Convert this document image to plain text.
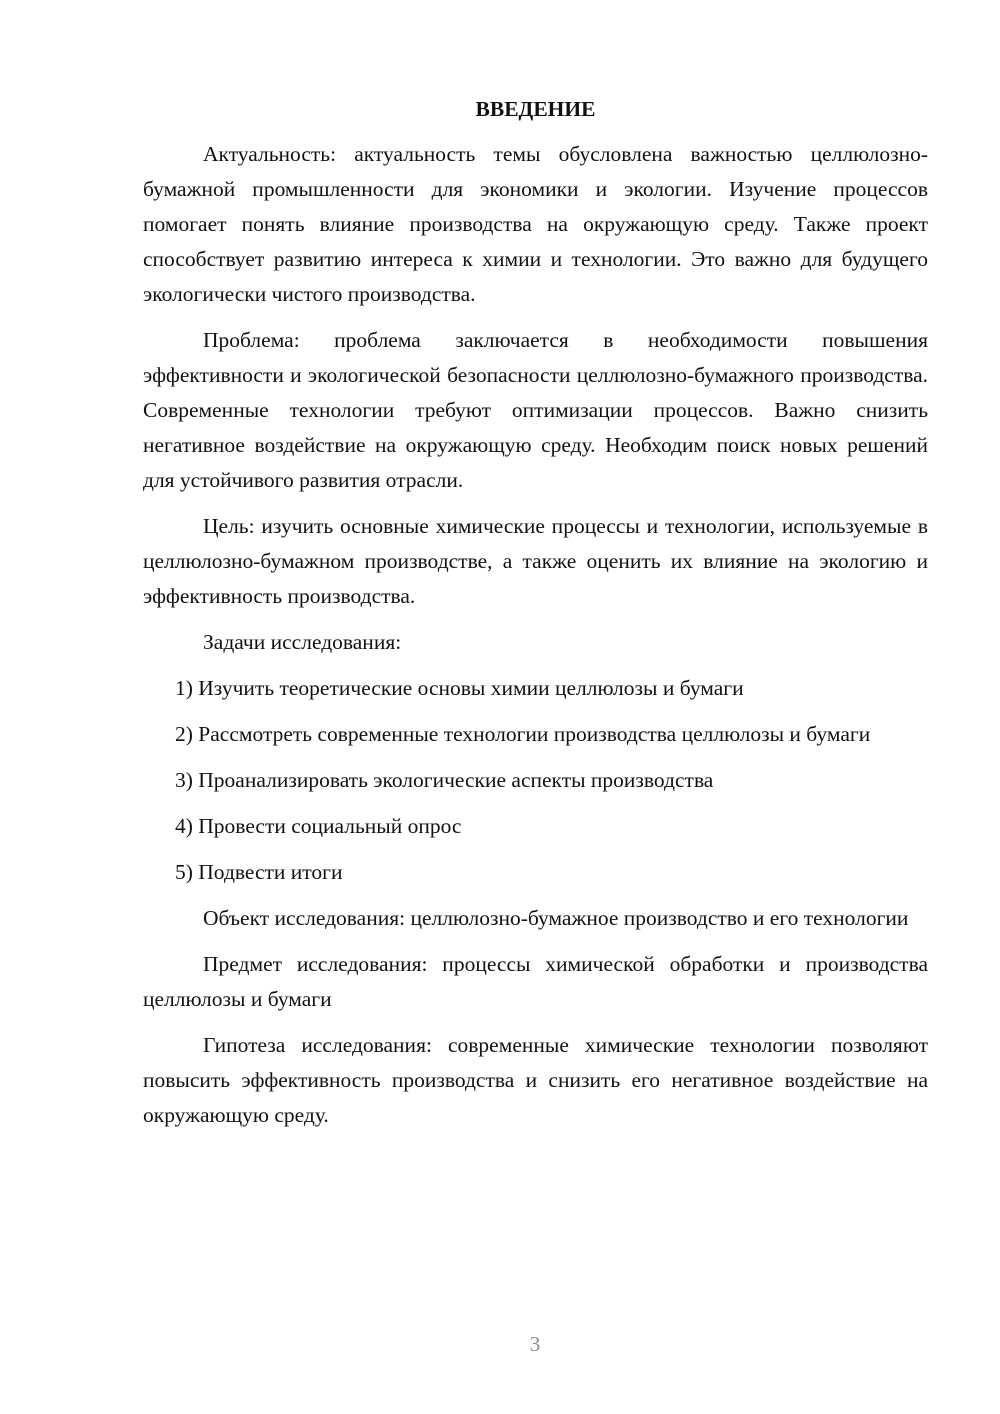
ВВЕДЕНИЕ

Актуальность: актуальность темы обусловлена важностью целлюлозно-бумажной промышленности для экономики и экологии. Изучение процессов помогает понять влияние производства на окружающую среду. Также проект способствует развитию интереса к химии и технологии. Это важно для будущего экологически чистого производства.

Проблема: проблема заключается в необходимости повышения эффективности и экологической безопасности целлюлозно-бумажного производства. Современные технологии требуют оптимизации процессов. Важно снизить негативное воздействие на окружающую среду. Необходим поиск новых решений для устойчивого развития отрасли.

Цель: изучить основные химические процессы и технологии, используемые в целлюлозно-бумажном производстве, а также оценить их влияние на экологию и эффективность производства.

Задачи исследования:

1) Изучить теоретические основы химии целлюлозы и бумаги

2) Рассмотреть современные технологии производства целлюлозы и бумаги

3) Проанализировать экологические аспекты производства

4) Провести социальный опрос

5) Подвести итоги

Объект исследования: целлюлозно-бумажное производство и его технологии

Предмет исследования: процессы химической обработки и производства целлюлозы и бумаги

Гипотеза исследования: современные химические технологии позволяют повысить эффективность производства и снизить его негативное воздействие на окружающую среду.

3
